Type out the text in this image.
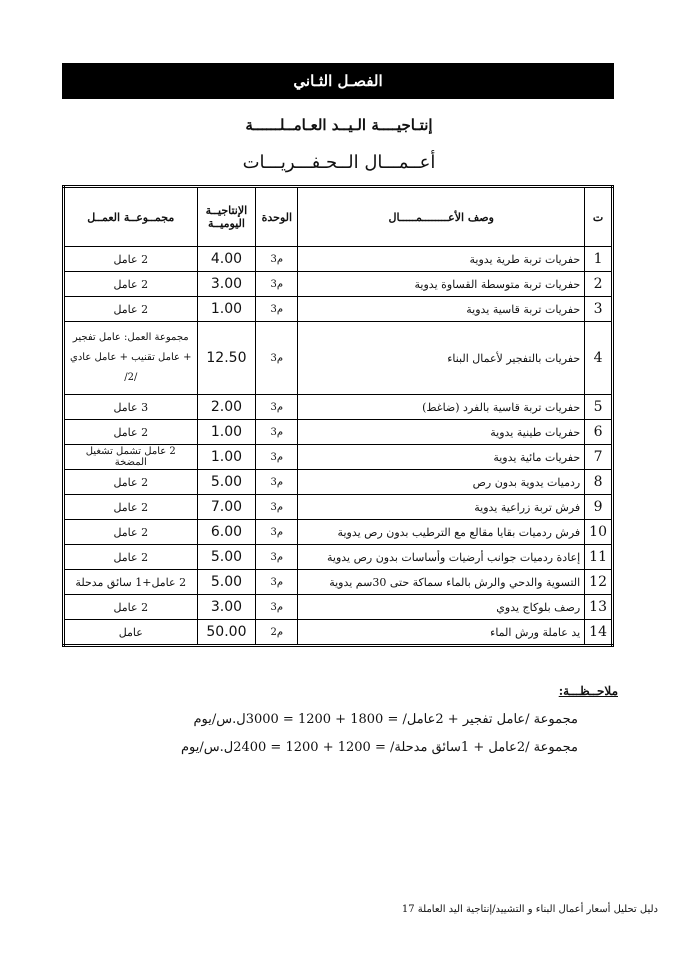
الفصـل الثـاني
إنتـاجيــــة الـيــد العـامــلــــــة
أعــمـــال الــحـفـــريـــات
ت	وصف الأعــــــــمـــــال	الوحدة	الإنتاجيــة اليوميــة	مجمــوعــة العمــل
1	حفريات تربة طرية يدوية	م3	4.00	2 عامل
2	حفريات تربة متوسطة القساوة يدوية	م3	3.00	2 عامل
3	حفريات تربة قاسية يدوية	م3	1.00	2 عامل
4	حفريات بالتفجير لأعمال البناء	م3	12.50	مجموعة العمل: عامل تفجير + عامل تقنيب + عامل عادي /2/
5	حفريات تربة قاسية بالفرد (ضاغط)	م3	2.00	3 عامل
6	حفريات طينية يدوية	م3	1.00	2 عامل
7	حفريات مائية يدوية	م3	1.00	2 عامل تشمل تشغيل المضخة
8	ردميات يدوية بدون رص	م3	5.00	2 عامل
9	فرش تربة زراعية يدوية	م3	7.00	2 عامل
10	فرش ردميات بقايا مقالع مع الترطيب بدون رص يدوية	م3	6.00	2 عامل
11	إعادة ردميات جوانب أرضيات وأساسات بدون رص يدوية	م3	5.00	2 عامل
12	التسوية والدحي والرش بالماء سماكة حتى 30سم يدوية	م3	5.00	2 عامل+1 سائق مدحلة
13	رصف بلوكاج يدوي	م3	3.00	2 عامل
14	يد عاملة ورش الماء	م2	50.00	عامل
ملاحــظـــة:
مجموعة /عامل تفجير + 2عامل/ = 1800 + 1200 = 3000ل.س/يوم
مجموعة /2عامل + 1سائق مدحلة/ = 1200 + 1200 = 2400ل.س/يوم
دليل تحليل أسعار أعمال البناء و التشييد/إنتاجية اليد العاملة 17
